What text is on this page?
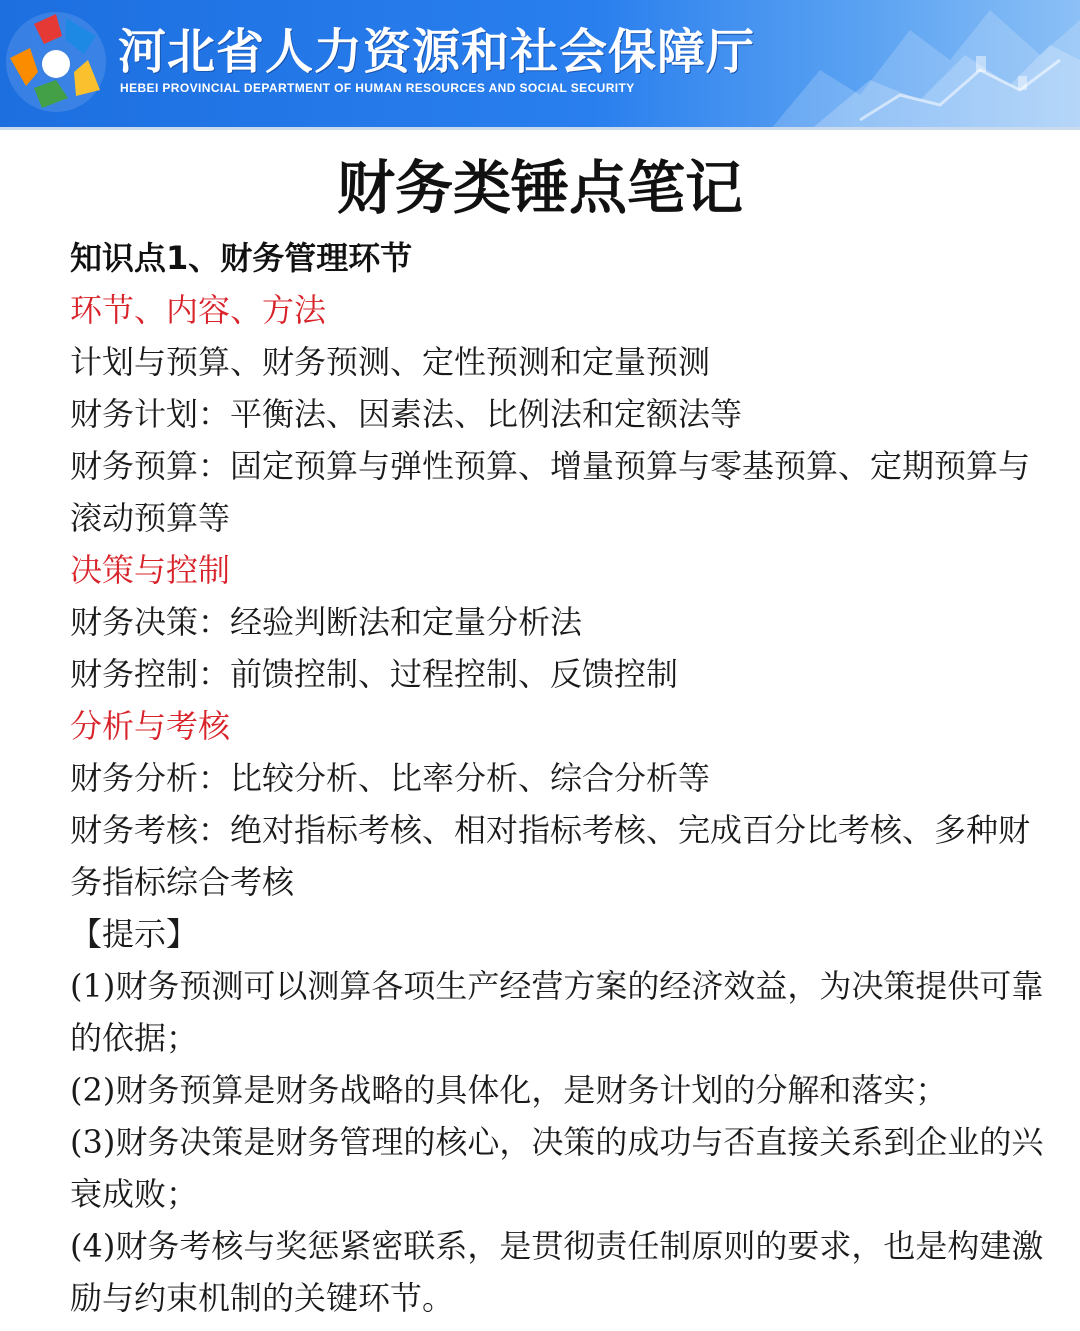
河北省人力资源和社会保障厅
HEBEI PROVINCIAL DEPARTMENT OF HUMAN RESOURCES AND SOCIAL SECURITY
财务类锤点笔记

知识点1、财务管理环节

环节、内容、方法

计划与预算、财务预测、定性预测和定量预测

财务计划：平衡法、因素法、比例法和定额法等

财务预算：固定预算与弹性预算、增量预算与零基预算、定期预算与滚动预算等

决策与控制

财务决策：经验判断法和定量分析法

财务控制：前馈控制、过程控制、反馈控制

分析与考核

财务分析：比较分析、比率分析、综合分析等

财务考核：绝对指标考核、相对指标考核、完成百分比考核、多种财务指标综合考核

【提示】

(1)财务预测可以测算各项生产经营方案的经济效益，为决策提供可靠的依据；

(2)财务预算是财务战略的具体化，是财务计划的分解和落实；

(3)财务决策是财务管理的核心，决策的成功与否直接关系到企业的兴衰成败；

(4)财务考核与奖惩紧密联系，是贯彻责任制原则的要求，也是构建激励与约束机制的关键环节。
